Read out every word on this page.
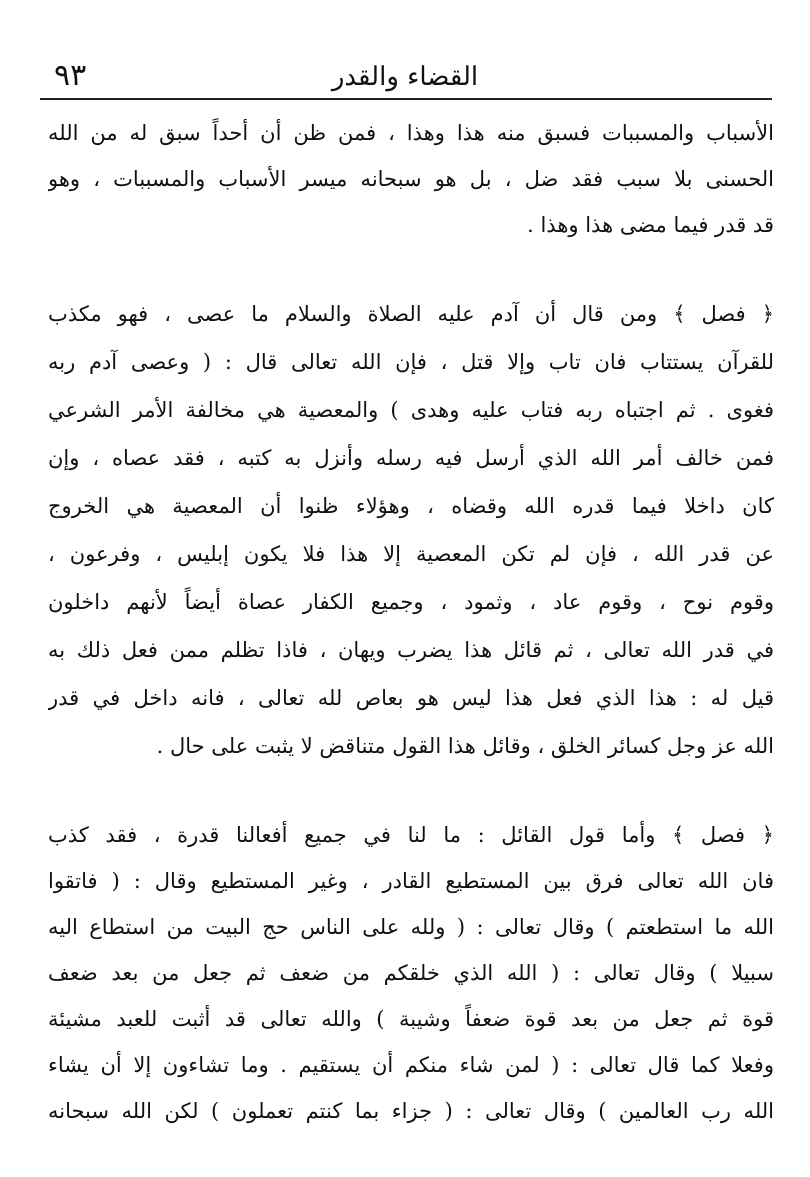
القضاء والقدر
٩٣
الأسباب والمسببات فسبق منه هذا وهذا ، فمن ظن أن أحداً سبق له من الله
الحسنى بلا سبب فقد ضل ، بل هو سبحانه ميسر الأسباب والمسببات ، وهو
قد قدر فيما مضى هذا وهذا .
﴿ فصل ﴾ ومن قال أن آدم عليه الصلاة والسلام ما عصى ، فهو مكذب
للقرآن يستتاب فان تاب وإلا قتل ، فإن الله تعالى قال : ( وعصى آدم ربه
فغوى . ثم اجتباه ربه فتاب عليه وهدى ) والمعصية هي مخالفة الأمر الشرعي
فمن خالف أمر الله الذي أرسل فيه رسله وأنزل به كتبه ، فقد عصاه ، وإن
كان داخلا فيما قدره الله وقضاه ، وهؤلاء ظنوا أن المعصية هي الخروج
عن قدر الله ، فإن لم تكن المعصية إلا هذا فلا يكون إبليس ، وفرعون ،
وقوم نوح ، وقوم عاد ، وثمود ، وجميع الكفار عصاة أيضاً لأنهم داخلون
في قدر الله تعالى ، ثم قائل هذا يضرب ويهان ، فاذا تظلم ممن فعل ذلك به
قيل له : هذا الذي فعل هذا ليس هو بعاص لله تعالى ، فانه داخل في قدر
الله عز وجل كسائر الخلق ، وقائل هذا القول متناقض لا يثبت على حال .
﴿ فصل ﴾ وأما قول القائل : ما لنا في جميع أفعالنا قدرة ، فقد كذب
فان الله تعالى فرق بين المستطيع القادر ، وغير المستطيع وقال : ( فاتقوا
الله ما استطعتم ) وقال تعالى : ( ولله على الناس حج البيت من استطاع اليه
سبيلا ) وقال تعالى : ( الله الذي خلقكم من ضعف ثم جعل من بعد ضعف
قوة ثم جعل من بعد قوة ضعفاً وشيبة ) والله تعالى قد أثبت للعبد مشيئة
وفعلا كما قال تعالى : ( لمن شاء منكم أن يستقيم . وما تشاءون إلا أن يشاء
الله رب العالمين ) وقال تعالى : ( جزاء بما كنتم تعملون ) لكن الله سبحانه
